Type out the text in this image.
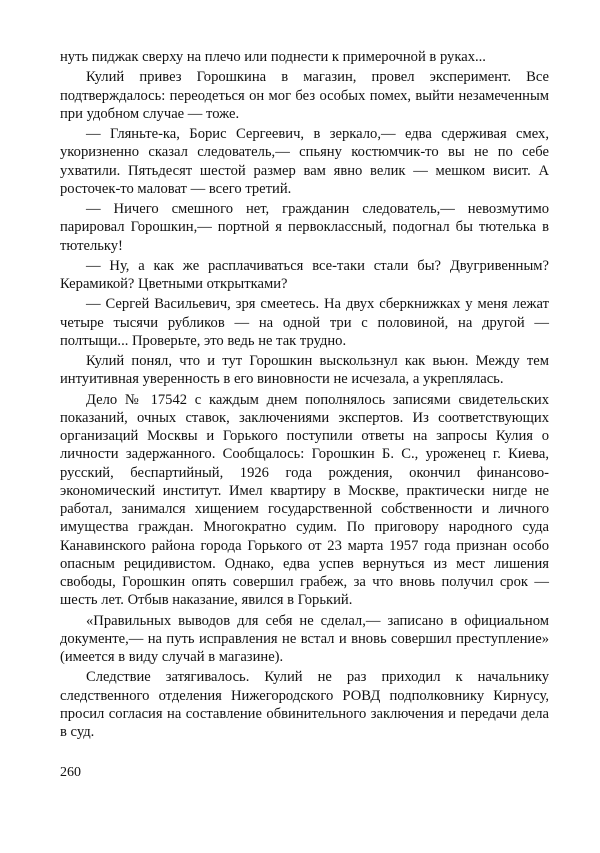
нуть пиджак сверху на плечо или поднести к примерочной в руках...

Кулий привез Горошкина в магазин, провел эксперимент. Все подтверждалось: переодеться он мог без особых помех, выйти незамеченным при удобном случае — тоже.

— Гляньте-ка, Борис Сергеевич, в зеркало,— едва сдерживая смех, укоризненно сказал следователь,— спьяну костюмчик-то вы не по себе ухватили. Пятьдесят шестой размер вам явно велик — мешком висит. А росточек-то маловат — всего третий.

— Ничего смешного нет, гражданин следователь,— невозмутимо парировал Горошкин,— портной я первоклассный, подогнал бы тютелька в тютельку!

— Ну, а как же расплачиваться все-таки стали бы? Двугривенным? Керамикой? Цветными открытками?

— Сергей Васильевич, зря смеетесь. На двух сберкнижках у меня лежат четыре тысячи рубликов — на одной три с половиной, на другой — полтыщи... Проверьте, это ведь не так трудно.

Кулий понял, что и тут Горошкин выскользнул как вьюн. Между тем интуитивная уверенность в его виновности не исчезала, а укреплялась.

Дело № 17542 с каждым днем пополнялось записями свидетельских показаний, очных ставок, заключениями экспертов. Из соответствующих организаций Москвы и Горького поступили ответы на запросы Кулия о личности задержанного. Сообщалось: Горошкин Б. С., уроженец г. Киева, русский, беспартийный, 1926 года рождения, окончил финансово-экономический институт. Имел квартиру в Москве, практически нигде не работал, занимался хищением государственной собственности и личного имущества граждан. Многократно судим. По приговору народного суда Канавинского района города Горького от 23 марта 1957 года признан особо опасным рецидивистом. Однако, едва успев вернуться из мест лишения свободы, Горошкин опять совершил грабеж, за что вновь получил срок — шесть лет. Отбыв наказание, явился в Горький.

«Правильных выводов для себя не сделал,— записано в официальном документе,— на путь исправления не встал и вновь совершил преступление» (имеется в виду случай в магазине).

Следствие затягивалось. Кулий не раз приходил к начальнику следственного отделения Нижегородского РОВД подполковнику Кирнусу, просил согласия на составление обвинительного заключения и передачи дела в суд.

260
